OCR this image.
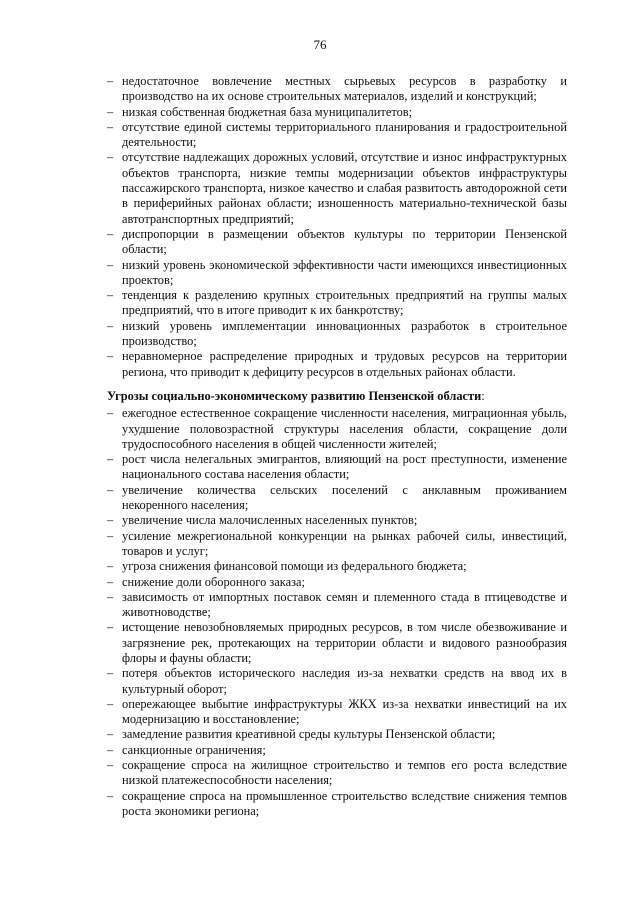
76
– недостаточное вовлечение местных сырьевых ресурсов в разработку и производство на их основе строительных материалов, изделий и конструкций;
– низкая собственная бюджетная база муниципалитетов;
– отсутствие единой системы территориального планирования и градостроительной деятельности;
– отсутствие надлежащих дорожных условий, отсутствие и износ инфраструктурных объектов транспорта, низкие темпы модернизации объектов инфраструктуры пассажирского транспорта, низкое качество и слабая развитость автодорожной сети в периферийных районах области; изношенность материально-технической базы автотранспортных предприятий;
– диспропорции в размещении объектов культуры по территории Пензенской области;
– низкий уровень экономической эффективности части имеющихся инвестиционных проектов;
– тенденция к разделению крупных строительных предприятий на группы малых предприятий, что в итоге приводит к их банкротству;
– низкий уровень имплементации инновационных разработок в строительное производство;
– неравномерное распределение природных и трудовых ресурсов на территории региона, что приводит к дефициту ресурсов в отдельных районах области.
Угрозы социально-экономическому развитию Пензенской области:
– ежегодное естественное сокращение численности населения, миграционная убыль, ухудшение половозрастной структуры населения области, сокращение доли трудоспособного населения в общей численности жителей;
– рост числа нелегальных эмигрантов, влияющий на рост преступности, изменение национального состава населения области;
– увеличение количества сельских поселений с анклавным проживанием некоренного населения;
– увеличение числа малочисленных населенных пунктов;
– усиление межрегиональной конкуренции на рынках рабочей силы, инвестиций, товаров и услуг;
– угроза снижения финансовой помощи из федерального бюджета;
– снижение доли оборонного заказа;
– зависимость от импортных поставок семян и племенного стада в птицеводстве и животноводстве;
– истощение невозобновляемых природных ресурсов, в том числе обезвоживание и загрязнение рек, протекающих на территории области и видового разнообразия флоры и фауны области;
– потеря объектов исторического наследия из-за нехватки средств на ввод их в культурный оборот;
– опережающее выбытие инфраструктуры ЖКХ из-за нехватки инвестиций на их модернизацию и восстановление;
– замедление развития креативной среды культуры Пензенской области;
– санкционные ограничения;
– сокращение спроса на жилищное строительство и темпов его роста вследствие низкой платежеспособности населения;
– сокращение спроса на промышленное строительство вследствие снижения темпов роста экономики региона;
